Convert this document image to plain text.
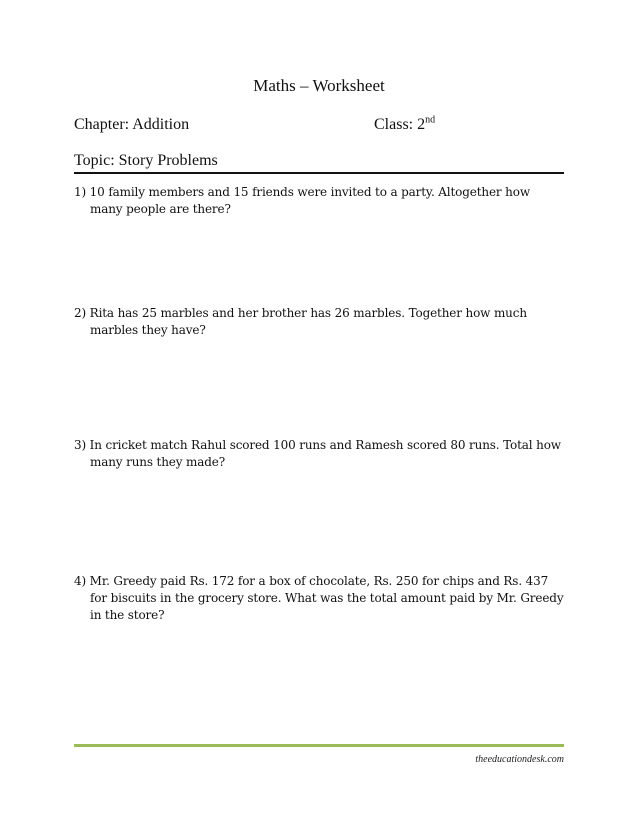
Maths – Worksheet
Chapter: Addition	Class: 2nd
Topic: Story Problems
1) 10 family members and 15 friends were invited to a party. Altogether how many people are there?
2) Rita has 25 marbles and her brother has 26 marbles. Together how much marbles they have?
3) In cricket match Rahul scored 100 runs and Ramesh scored 80 runs. Total how many runs they made?
4) Mr. Greedy paid Rs. 172 for a box of chocolate, Rs. 250 for chips and Rs. 437 for biscuits in the grocery store. What was the total amount paid by Mr. Greedy in the store?
theeducationdesk.com
